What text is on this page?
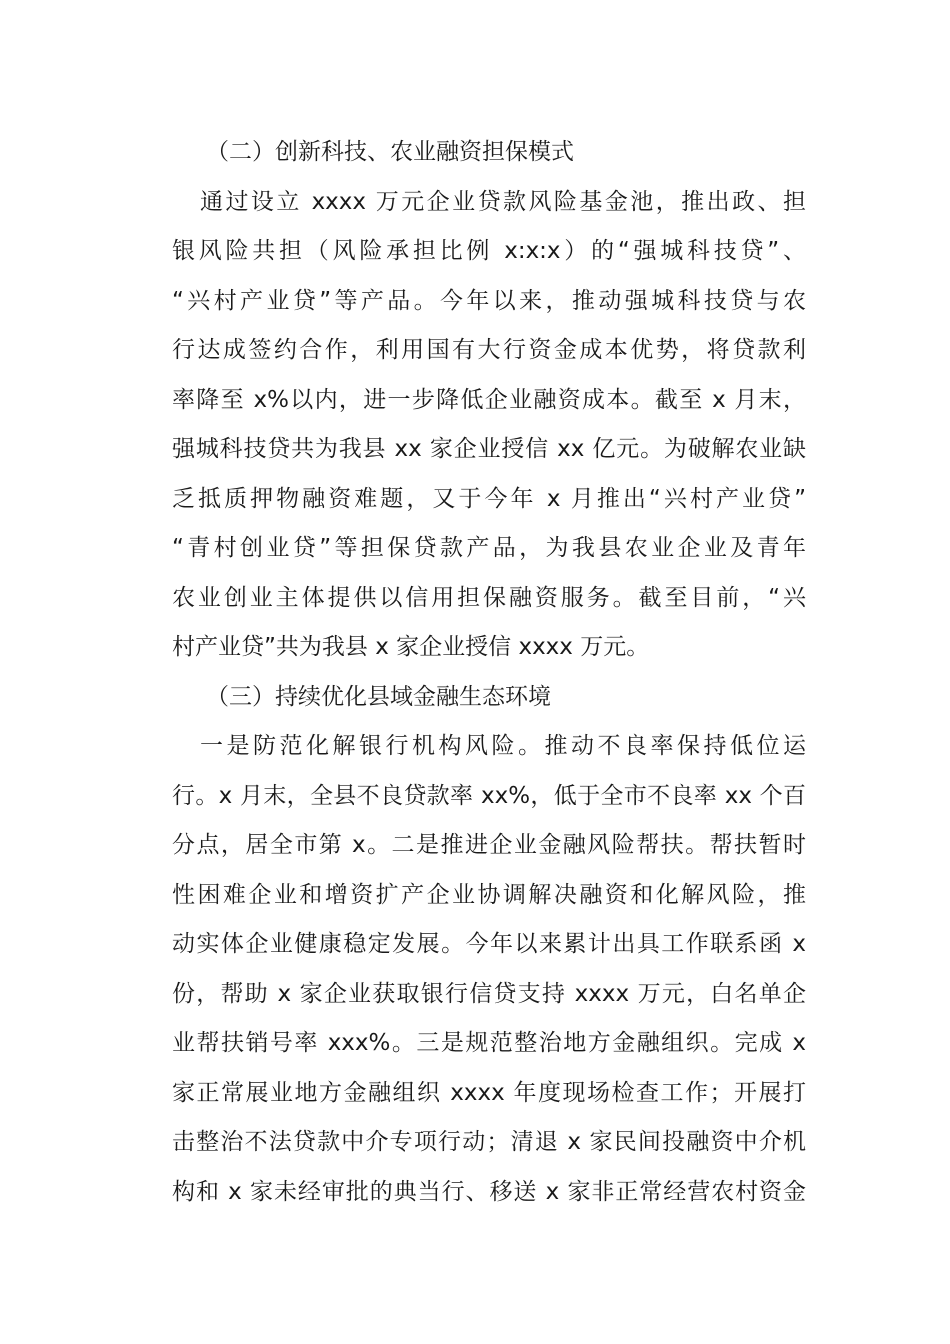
（二）创新科技、农业融资担保模式
通过设立 xxxx 万元企业贷款风险基金池，推出政、担
银风险共担（风险承担比例 x:x:x）的“强城科技贷”、
“兴村产业贷”等产品。今年以来，推动强城科技贷与农
行达成签约合作，利用国有大行资金成本优势，将贷款利
率降至 x%以内，进一步降低企业融资成本。截至 x 月末，
强城科技贷共为我县 xx 家企业授信 xx 亿元。为破解农业缺
乏抵质押物融资难题，又于今年 x 月推出“兴村产业贷”
“青村创业贷”等担保贷款产品，为我县农业企业及青年
农业创业主体提供以信用担保融资服务。截至目前，“兴
村产业贷”共为我县 x 家企业授信 xxxx 万元。
（三）持续优化县域金融生态环境
一是防范化解银行机构风险。推动不良率保持低位运
行。x 月末，全县不良贷款率 xx%，低于全市不良率 xx 个百
分点，居全市第 x。二是推进企业金融风险帮扶。帮扶暂时
性困难企业和增资扩产企业协调解决融资和化解风险，推
动实体企业健康稳定发展。今年以来累计出具工作联系函 x
份，帮助 x 家企业获取银行信贷支持 xxxx 万元，白名单企
业帮扶销号率 xxx%。三是规范整治地方金融组织。完成 x
家正常展业地方金融组织 xxxx 年度现场检查工作；开展打
击整治不法贷款中介专项行动；清退 x 家民间投融资中介机
构和 x 家未经审批的典当行、移送 x 家非正常经营农村资金
